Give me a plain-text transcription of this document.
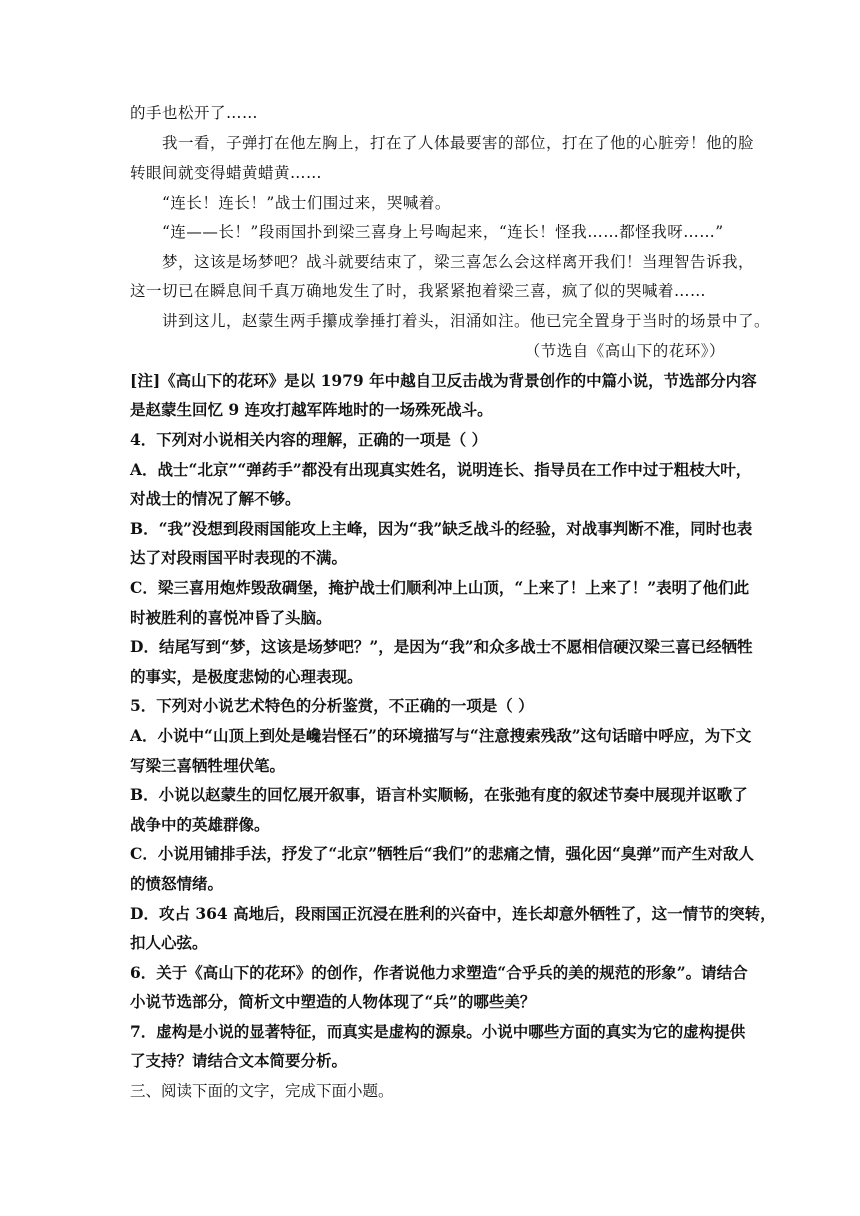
的手也松开了……
我一看，子弹打在他左胸上，打在了人体最要害的部位，打在了他的心脏旁！他的脸
转眼间就变得蜡黄蜡黄……
“连长！连长！”战士们围过来，哭喊着。
“连——长！”段雨国扑到梁三喜身上号啕起来，“连长！怪我……都怪我呀……”
梦，这该是场梦吧？战斗就要结束了，梁三喜怎么会这样离开我们！当理智告诉我，
这一切已在瞬息间千真万确地发生了时，我紧紧抱着梁三喜，疯了似的哭喊着……
讲到这儿，赵蒙生两手攥成拳捶打着头，泪涌如注。他已完全置身于当时的场景中了。
（节选自《高山下的花环》）
[注]《高山下的花环》是以 1979 年中越自卫反击战为背景创作的中篇小说，节选部分内容
是赵蒙生回忆 9 连攻打越军阵地时的一场殊死战斗。
4．下列对小说相关内容的理解，正确的一项是（ ）
A．战士“北京”“弹药手”都没有出现真实姓名，说明连长、指导员在工作中过于粗枝大叶，
对战士的情况了解不够。
B．“我”没想到段雨国能攻上主峰，因为“我”缺乏战斗的经验，对战事判断不准，同时也表
达了对段雨国平时表现的不满。
C．梁三喜用炮炸毁敌碉堡，掩护战士们顺利冲上山顶，“上来了！上来了！”表明了他们此
时被胜利的喜悦冲昏了头脑。
D．结尾写到“梦，这该是场梦吧？”，是因为“我”和众多战士不愿相信硬汉梁三喜已经牺牲
的事实，是极度悲恸的心理表现。
5．下列对小说艺术特色的分析鉴赏，不正确的一项是（ ）
A．小说中“山顶上到处是巉岩怪石”的环境描写与“注意搜索残敌”这句话暗中呼应，为下文
写梁三喜牺牲埋伏笔。
B．小说以赵蒙生的回忆展开叙事，语言朴实顺畅，在张弛有度的叙述节奏中展现并讴歌了
战争中的英雄群像。
C．小说用铺排手法，抒发了“北京”牺牲后“我们”的悲痛之情，强化因“臭弹”而产生对敌人
的愤怒情绪。
D．攻占 364 高地后，段雨国正沉浸在胜利的兴奋中，连长却意外牺牲了，这一情节的突转，
扣人心弦。
6．关于《高山下的花环》的创作，作者说他力求塑造“合乎兵的美的规范的形象”。请结合
小说节选部分，简析文中塑造的人物体现了“兵”的哪些美？
7．虚构是小说的显著特征，而真实是虚构的源泉。小说中哪些方面的真实为它的虚构提供
了支持？请结合文本简要分析。
三、阅读下面的文字，完成下面小题。
